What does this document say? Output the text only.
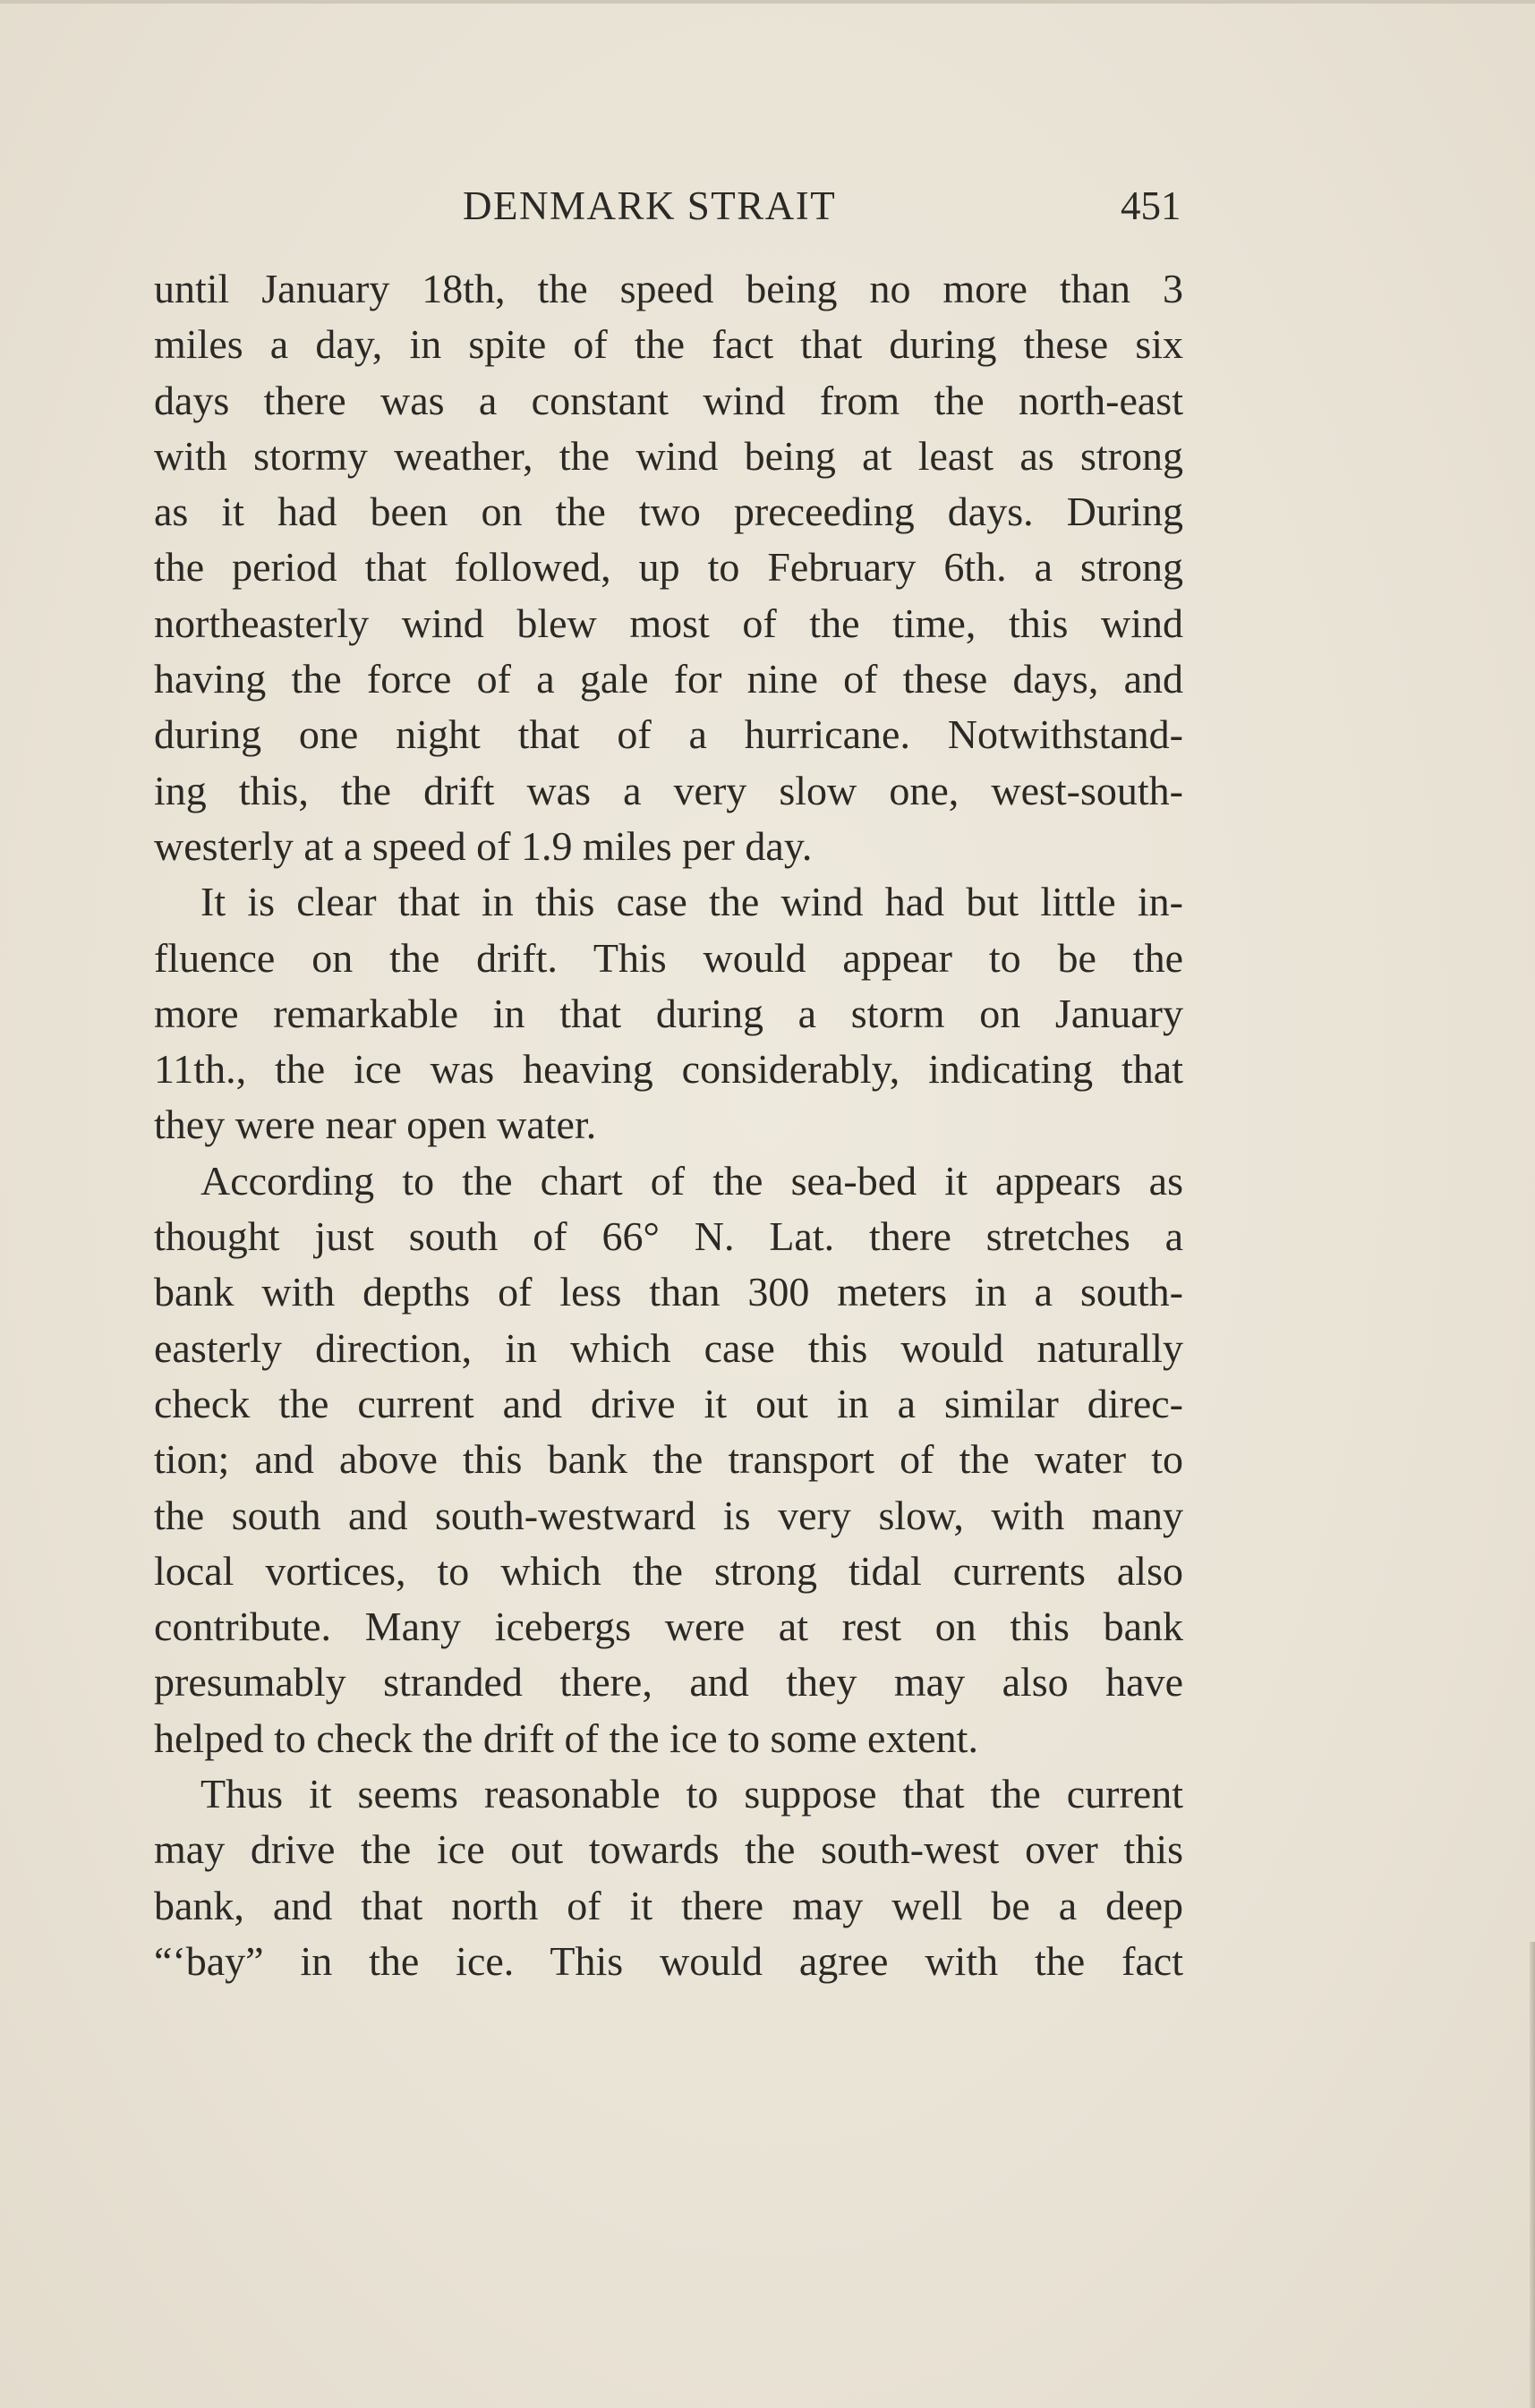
DENMARK STRAIT	451
until January 18th, the speed being no more than 3
miles a day, in spite of the fact that during these six
days there was a constant wind from the north-east
with stormy weather, the wind being at least as strong
as it had been on the two preceeding days. During
the period that followed, up to February 6th. a strong
northeasterly wind blew most of the time, this wind
having the force of a gale for nine of these days, and
during one night that of a hurricane. Notwithstand-
ing this, the drift was a very slow one, west-south-
westerly at a speed of 1.9 miles per day.
It is clear that in this case the wind had but little in-
fluence on the drift. This would appear to be the
more remarkable in that during a storm on January
11th., the ice was heaving considerably, indicating that
they were near open water.
According to the chart of the sea-bed it appears as
thought just south of 66° N. Lat. there stretches a
bank with depths of less than 300 meters in a south-
easterly direction, in which case this would naturally
check the current and drive it out in a similar direc-
tion; and above this bank the transport of the water to
the south and south-westward is very slow, with many
local vortices, to which the strong tidal currents also
contribute. Many icebergs were at rest on this bank
presumably stranded there, and they may also have
helped to check the drift of the ice to some extent.
Thus it seems reasonable to suppose that the current
may drive the ice out towards the south-west over this
bank, and that north of it there may well be a deep
“‘bay” in the ice. This would agree with the fact
